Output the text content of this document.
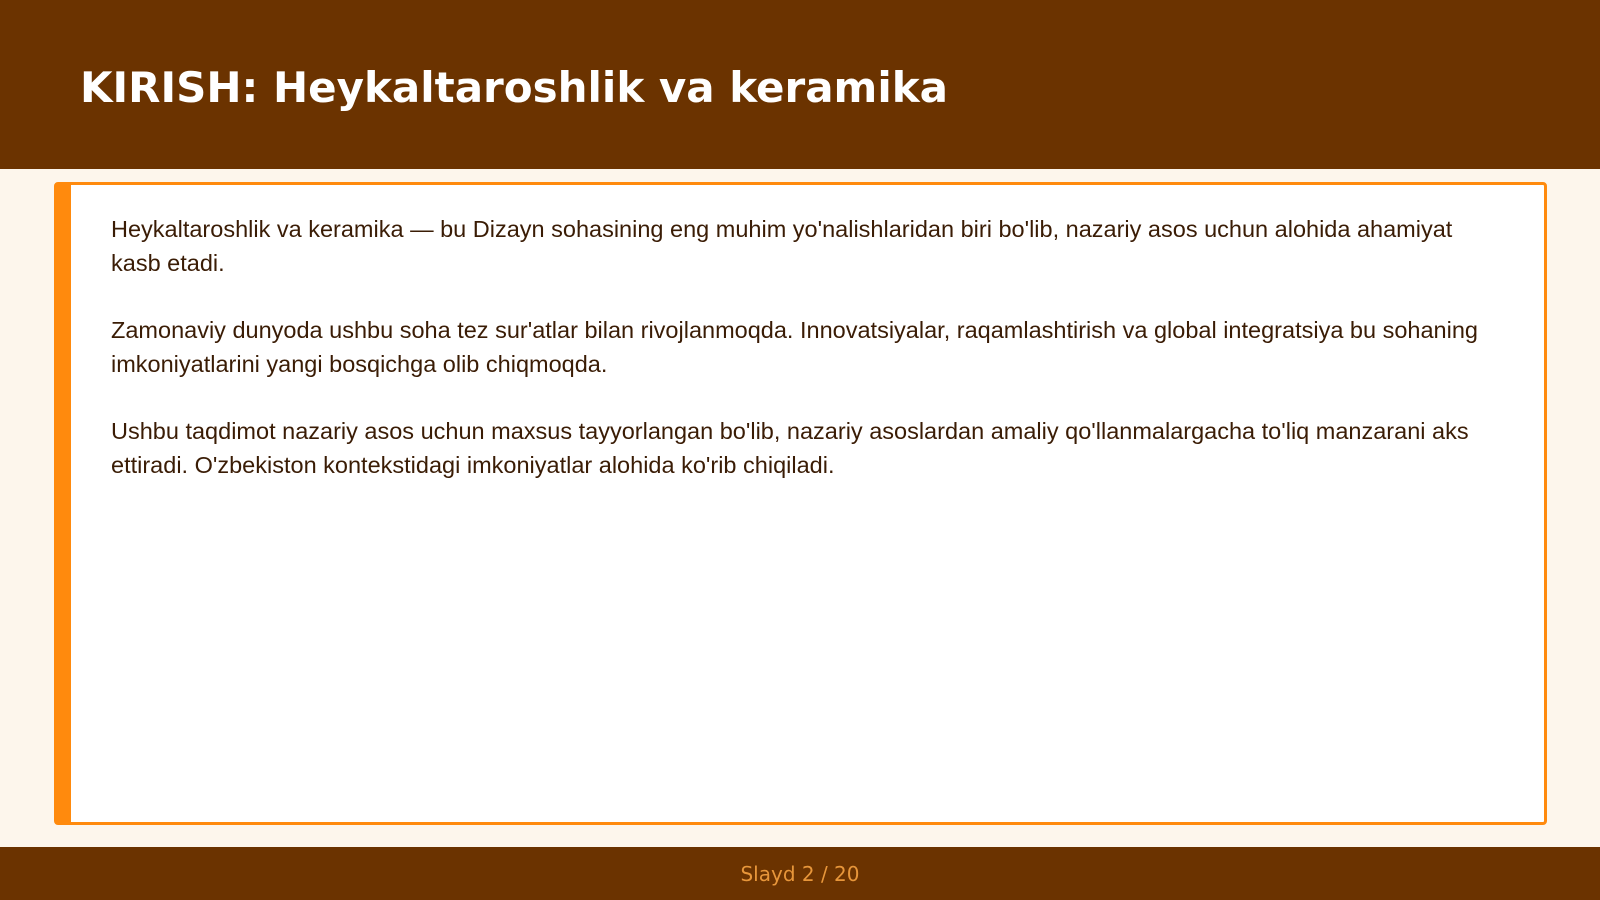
KIRISH: Heykaltaroshlik va keramika

Heykaltaroshlik va keramika — bu Dizayn sohasining eng muhim yo'nalishlaridan biri bo'lib, nazariy asos uchun alohida ahamiyat kasb etadi.

Zamonaviy dunyoda ushbu soha tez sur'atlar bilan rivojlanmoqda. Innovatsiyalar, raqamlashtirish va global integratsiya bu sohaning imkoniyatlarini yangi bosqichga olib chiqmoqda.

Ushbu taqdimot nazariy asos uchun maxsus tayyorlangan bo'lib, nazariy asoslardan amaliy qo'llanmalargacha to'liq manzarani aks ettiradi. O'zbekiston kontekstidagi imkoniyatlar alohida ko'rib chiqiladi.

Slayd 2 / 20
